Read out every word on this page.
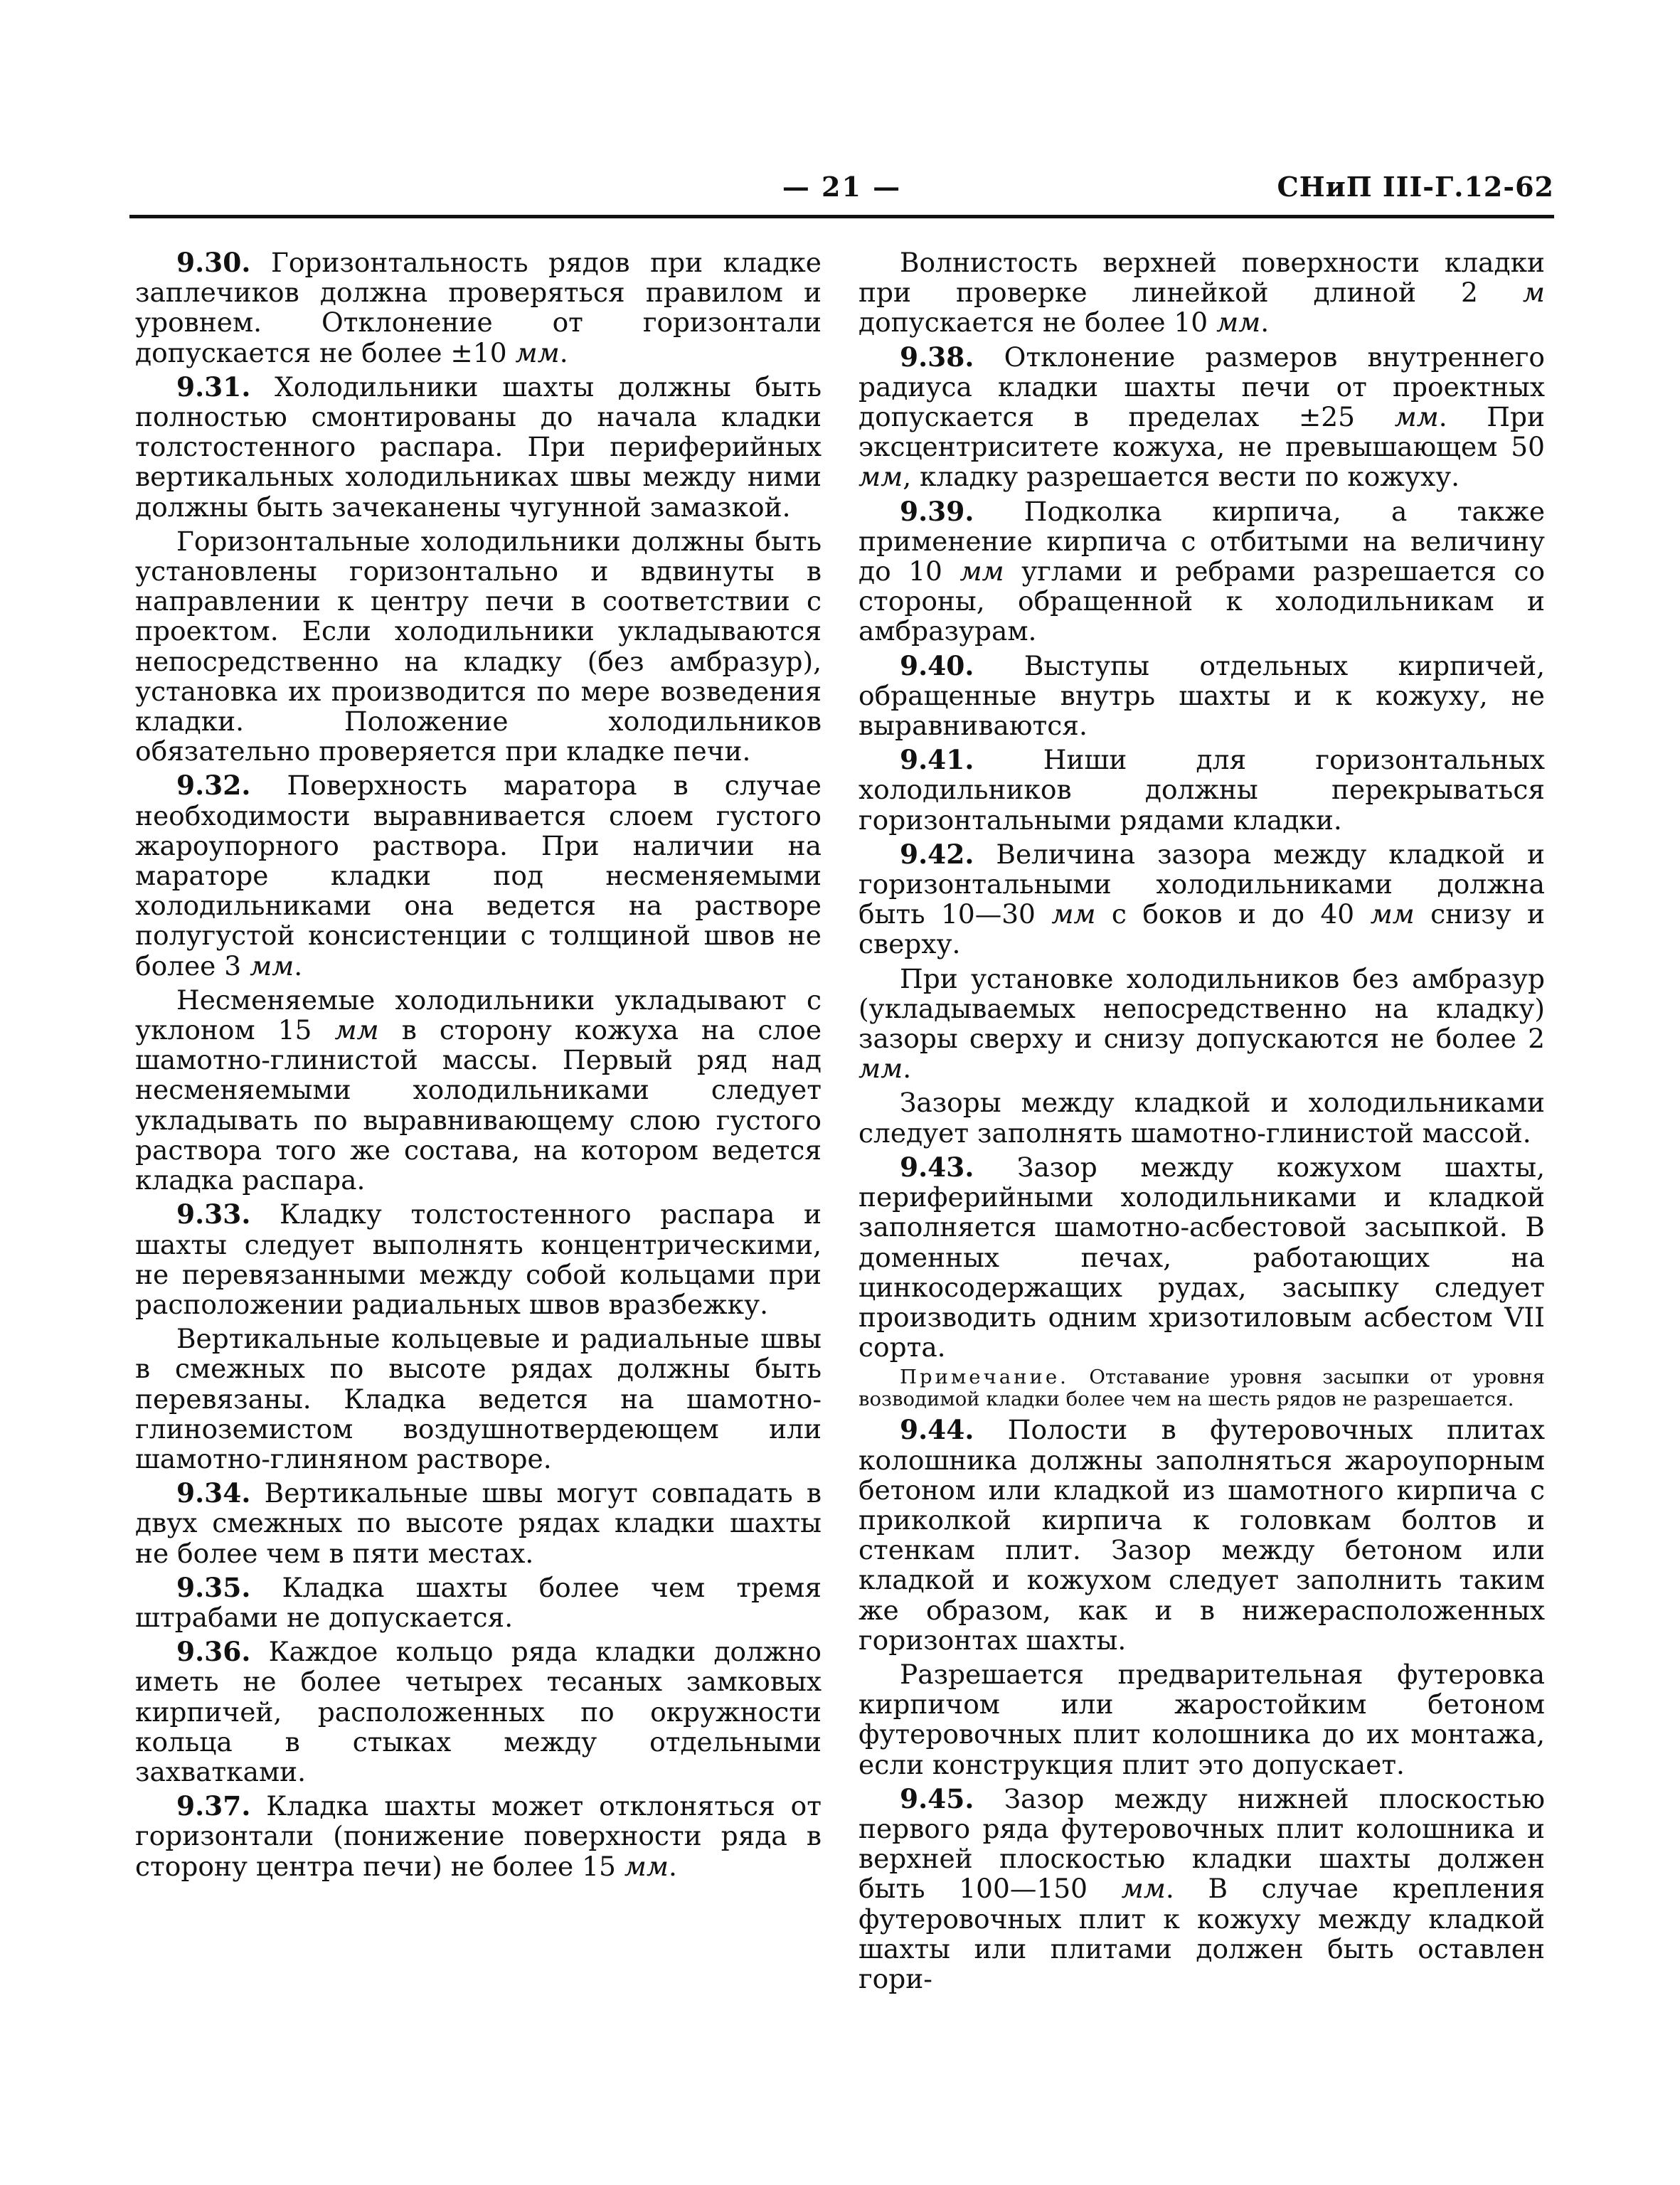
— 21 —	СНиП III-Г.12-62

9.30. Горизонтальность рядов при кладке заплечиков должна проверяться правилом и уровнем. Отклонение от горизонтали допускается не более ±10 мм.

9.31. Холодильники шахты должны быть полностью смонтированы до начала кладки толстостенного распара. При периферийных вертикальных холодильниках швы между ними должны быть зачеканены чугунной замазкой.

Горизонтальные холодильники должны быть установлены горизонтально и вдвинуты в направлении к центру печи в соответствии с проектом. Если холодильники укладываются непосредственно на кладку (без амбразур), установка их производится по мере возведения кладки. Положение холодильников обязательно проверяется при кладке печи.

9.32. Поверхность маратора в случае необходимости выравнивается слоем густого жароупорного раствора. При наличии на мараторе кладки под несменяемыми холодильниками она ведется на растворе полугустой консистенции с толщиной швов не более 3 мм.

Несменяемые холодильники укладывают с уклоном 15 мм в сторону кожуха на слое шамотно-глинистой массы. Первый ряд над несменяемыми холодильниками следует укладывать по выравнивающему слою густого раствора того же состава, на котором ведется кладка распара.

9.33. Кладку толстостенного распара и шахты следует выполнять концентрическими, не перевязанными между собой кольцами при расположении радиальных швов вразбежку.

Вертикальные кольцевые и радиальные швы в смежных по высоте рядах должны быть перевязаны. Кладка ведется на шамотно-глиноземистом воздушнотвердеющем или шамотно-глиняном растворе.

9.34. Вертикальные швы могут совпадать в двух смежных по высоте рядах кладки шахты не более чем в пяти местах.

9.35. Кладка шахты более чем тремя штрабами не допускается.

9.36. Каждое кольцо ряда кладки должно иметь не более четырех тесаных замковых кирпичей, расположенных по окружности кольца в стыках между отдельными захватками.

9.37. Кладка шахты может отклоняться от горизонтали (понижение поверхности ряда в сторону центра печи) не более 15 мм.

Волнистость верхней поверхности кладки при проверке линейкой длиной 2 м допускается не более 10 мм.

9.38. Отклонение размеров внутреннего радиуса кладки шахты печи от проектных допускается в пределах ±25 мм. При эксцентриситете кожуха, не превышающем 50 мм, кладку разрешается вести по кожуху.

9.39. Подколка кирпича, а также применение кирпича с отбитыми на величину до 10 мм углами и ребрами разрешается со стороны, обращенной к холодильникам и амбразурам.

9.40. Выступы отдельных кирпичей, обращенные внутрь шахты и к кожуху, не выравниваются.

9.41.	Ниши для горизонтальных холодильников должны перекрываться горизонтальными рядами кладки.

9.42. Величина зазора между кладкой и горизонтальными холодильниками должна быть 10—30 мм с боков и до 40 мм снизу и сверху.

При установке холодильников без амбразур (укладываемых непосредственно на кладку) зазоры сверху и снизу допускаются не более 2 мм.

Зазоры между кладкой и холодильниками следует заполнять шамотно-глинистой массой.

9.43. Зазор между кожухом шахты, периферийными холодильниками и кладкой заполняется шамотно-асбестовой засыпкой. В доменных печах, работающих на цинкосодержащих рудах, засыпку следует производить одним хризотиловым асбестом VII сорта.

Примечание. Отставание уровня засыпки от уровня возводимой кладки более чем на шесть рядов не разрешается.

9.44. Полости в футеровочных плитах колошника должны заполняться жароупорным бетоном или кладкой из шамотного кирпича с приколкой кирпича к головкам болтов и стенкам плит. Зазор между бетоном или кладкой и кожухом следует заполнить таким же образом, как и в нижерасположенных горизонтах шахты.

Разрешается предварительная футеровка кирпичом или жаростойким бетоном футеровочных плит колошника до их монтажа, если конструкция плит это допускает.

9.45. Зазор между нижней плоскостью первого ряда футеровочных плит колошника и верхней плоскостью кладки шахты должен быть 100—150 мм. В случае крепления футеровочных плит к кожуху между кладкой шахты или плитами должен быть оставлен гори-
